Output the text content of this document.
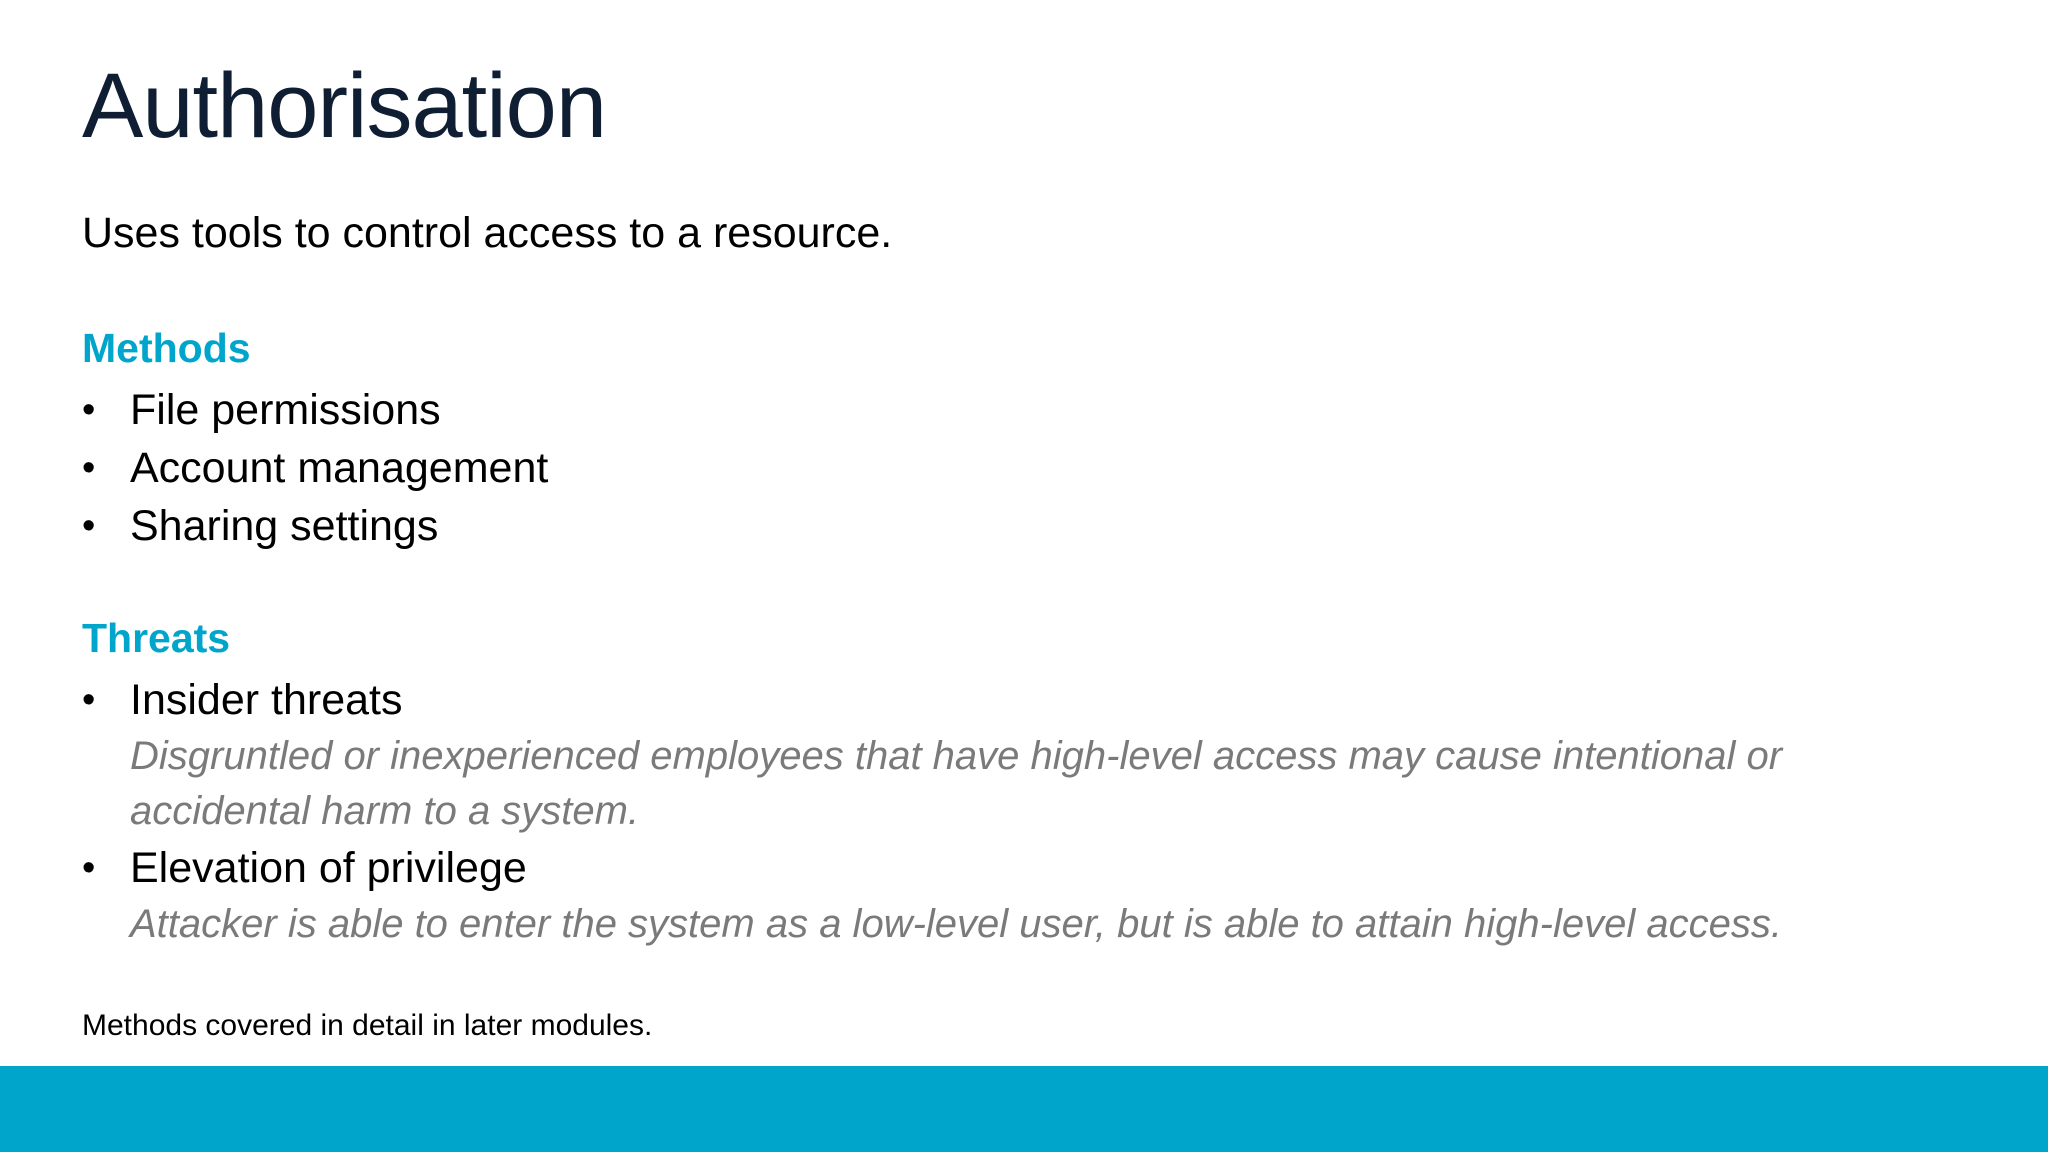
Authorisation

Uses tools to control access to a resource.

Methods
• File permissions
• Account management
• Sharing settings
Threats
• Insider threats
Disgruntled or inexperienced employees that have high-level access may cause intentional or accidental harm to a system.
• Elevation of privilege
Attacker is able to enter the system as a low-level user, but is able to attain high-level access.

Methods covered in detail in later modules.
